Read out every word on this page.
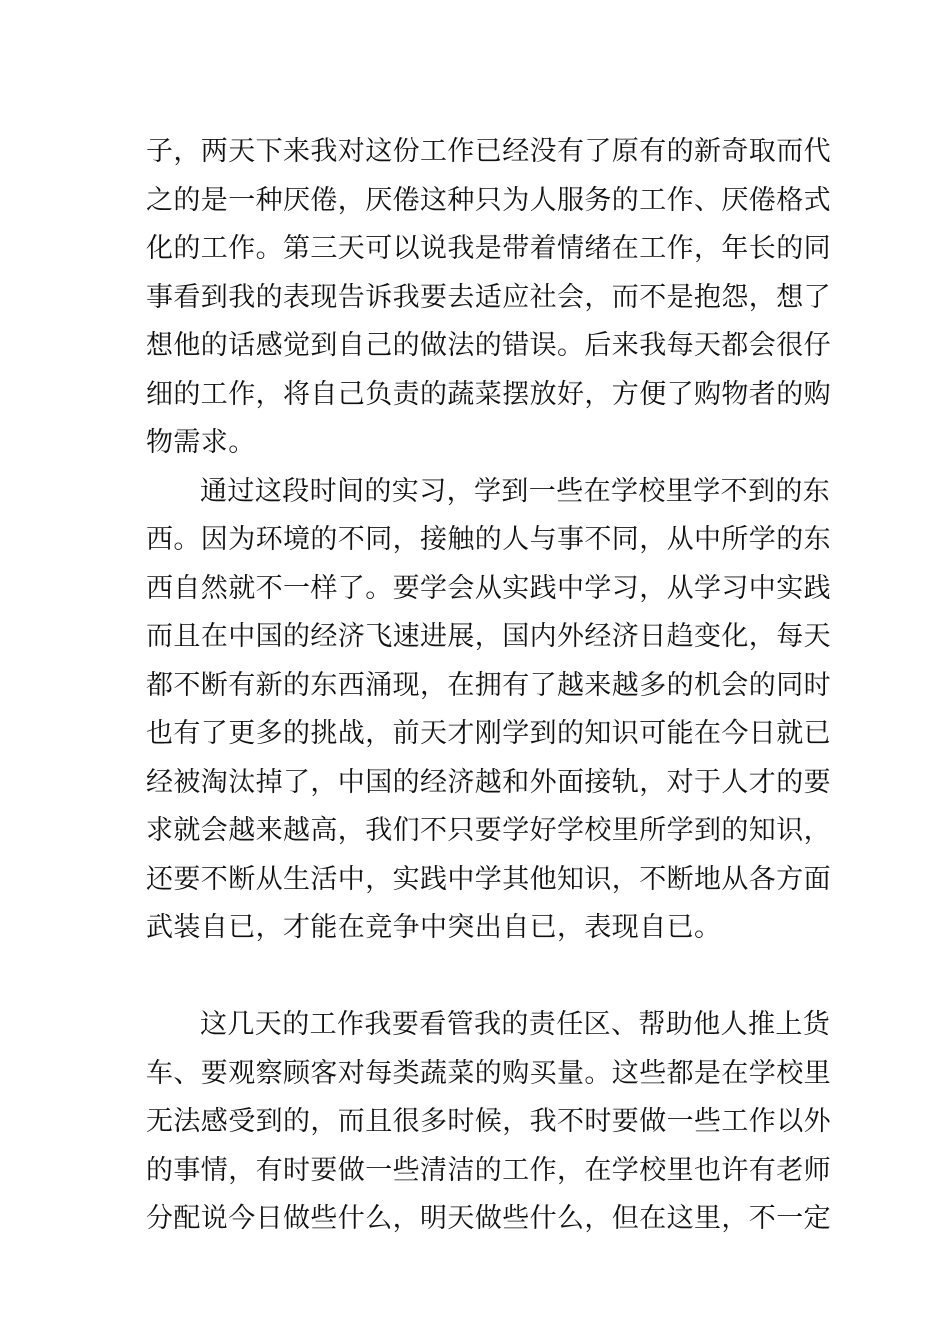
子，两天下来我对这份工作已经没有了原有的新奇取而代
之的是一种厌倦，厌倦这种只为人服务的工作、厌倦格式
化的工作。第三天可以说我是带着情绪在工作，年长的同
事看到我的表现告诉我要去适应社会，而不是抱怨，想了
想他的话感觉到自己的做法的错误。后来我每天都会很仔
细的工作，将自己负责的蔬菜摆放好，方便了购物者的购
物需求。
通过这段时间的实习，学到一些在学校里学不到的东
西。因为环境的不同，接触的人与事不同，从中所学的东
西自然就不一样了。要学会从实践中学习，从学习中实践
而且在中国的经济飞速进展，国内外经济日趋变化，每天
都不断有新的东西涌现，在拥有了越来越多的机会的同时
也有了更多的挑战，前天才刚学到的知识可能在今日就已
经被淘汰掉了，中国的经济越和外面接轨，对于人才的要
求就会越来越高，我们不只要学好学校里所学到的知识，
还要不断从生活中，实践中学其他知识，不断地从各方面
武装自已，才能在竞争中突出自已，表现自已。
这几天的工作我要看管我的责任区、帮助他人推上货
车、要观察顾客对每类蔬菜的购买量。这些都是在学校里
无法感受到的，而且很多时候，我不时要做一些工作以外
的事情，有时要做一些清洁的工作，在学校里也许有老师
分配说今日做些什么，明天做些什么，但在这里，不一定
